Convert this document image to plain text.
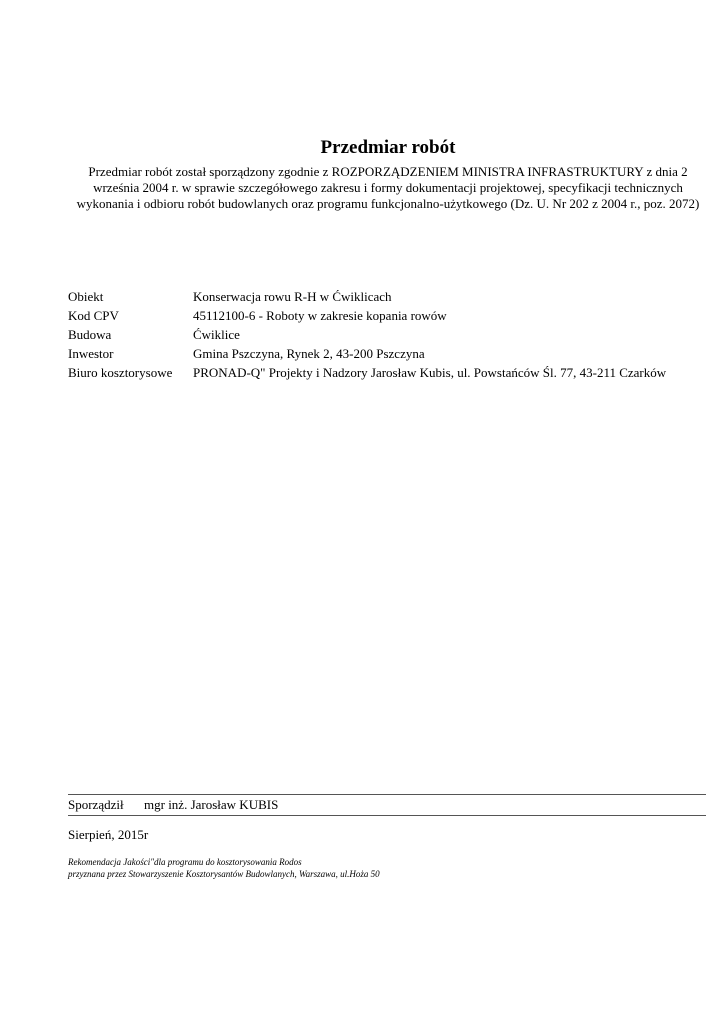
Przedmiar robót
Przedmiar robót został sporządzony zgodnie z ROZPORZĄDZENIEM MINISTRA INFRASTRUKTURY z dnia 2 września 2004 r. w sprawie szczegółowego zakresu i formy dokumentacji projektowej, specyfikacji technicznych wykonania i odbioru robót budowlanych oraz programu funkcjonalno-użytkowego (Dz. U. Nr 202 z 2004 r., poz. 2072)
Obiekt	Konserwacja rowu R-H w Ćwiklicach
Kod CPV	45112100-6 - Roboty w zakresie kopania rowów
Budowa	Ćwiklice
Inwestor	Gmina Pszczyna, Rynek 2, 43-200 Pszczyna
Biuro kosztorysowe	PRONAD-Q" Projekty i Nadzory Jarosław Kubis, ul. Powstańców Śl. 77, 43-211 Czarków
Sporządził mgr inż. Jarosław KUBIS
Sierpień, 2015r
Rekomendacja Jakości"dla programu do kosztorysowania Rodos
przyznana przez Stowarzyszenie Kosztorysantów Budowlanych, Warszawa, ul.Hoża 50
